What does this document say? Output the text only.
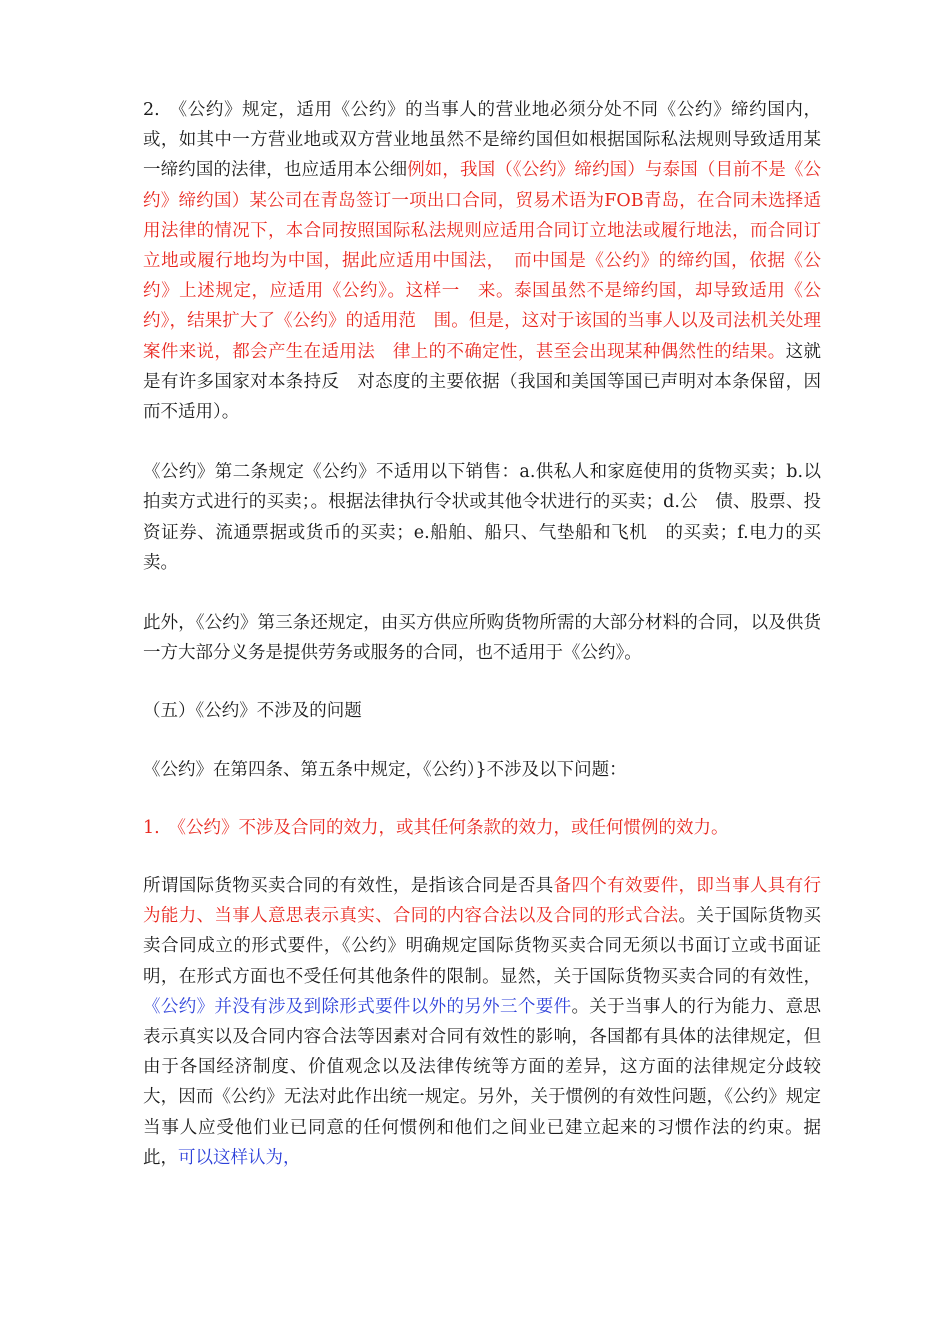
2.　《公约》规定，适用《公约》的当事人的营业地必须分处不同《公约》缔约国内，或，如其中一方营业地或双方营业地虽然不是缔约国但如根据国际私法规则导致适用某一缔约国的法律，也应适用本公细例如，我国（《公约》缔约国）与泰国（目前不是《公约》缔约国）某公司在青岛签订一项出口合同，贸易术语为FOB青岛，在合同未选择适用法律的情况下，本合同按照国际私法规则应适用合同订立地法或履行地法，而合同订立地或履行地均为中国，据此应适用中国法，　而中国是《公约》的缔约国，依据《公约》上述规定，应适用《公约》。这样一　来。泰国虽然不是缔约国，却导致适用《公约》，结果扩大了《公约》的适用范　围。但是，这对于该国的当事人以及司法机关处理案件来说，都会产生在适用法　律上的不确定性，甚至会出现某种偶然性的结果。这就是有许多国家对本条持反　对态度的主要依据（我国和美国等国已声明对本条保留，因而不适用）。

《公约》第二条规定《公约》不适用以下销售：a.供私人和家庭使用的货物买卖；b.以拍卖方式进行的买卖；。根据法律执行令状或其他令状进行的买卖；d.公　债、股票、投资证券、流通票据或货币的买卖；e.船舶、船只、气垫船和飞机　的买卖；f.电力的买卖。

此外，《公约》第三条还规定，由买方供应所购货物所需的大部分材料的合同，以及供货一方大部分义务是提供劳务或服务的合同，也不适用于《公约》。

（五）《公约》不涉及的问题

《公约》在第四条、第五条中规定，《公约）}不涉及以下问题：

1.　《公约》不涉及合同的效力，或其任何条款的效力，或任何惯例的效力。

所谓国际货物买卖合同的有效性，是指该合同是否具备四个有效要件，即当事人具有行为能力、当事人意思表示真实、合同的内容合法以及合同的形式合法。关于国际货物买卖合同成立的形式要件，《公约》明确规定国际货物买卖合同无须以书面订立或书面证明，在形式方面也不受任何其他条件的限制。显然，关于国际货物买卖合同的有效性，《公约》并没有涉及到除形式要件以外的另外三个要件。关于当事人的行为能力、意思表示真实以及合同内容合法等因素对合同有效性的影响，各国都有具体的法律规定，但由于各国经济制度、价值观念以及法律传统等方面的差异，这方面的法律规定分歧较大，因而《公约》无法对此作出统一规定。另外，关于惯例的有效性问题，《公约》规定当事人应受他们业已同意的任何惯例和他们之间业已建立起来的习惯作法的约束。据此，可以这样认为，
